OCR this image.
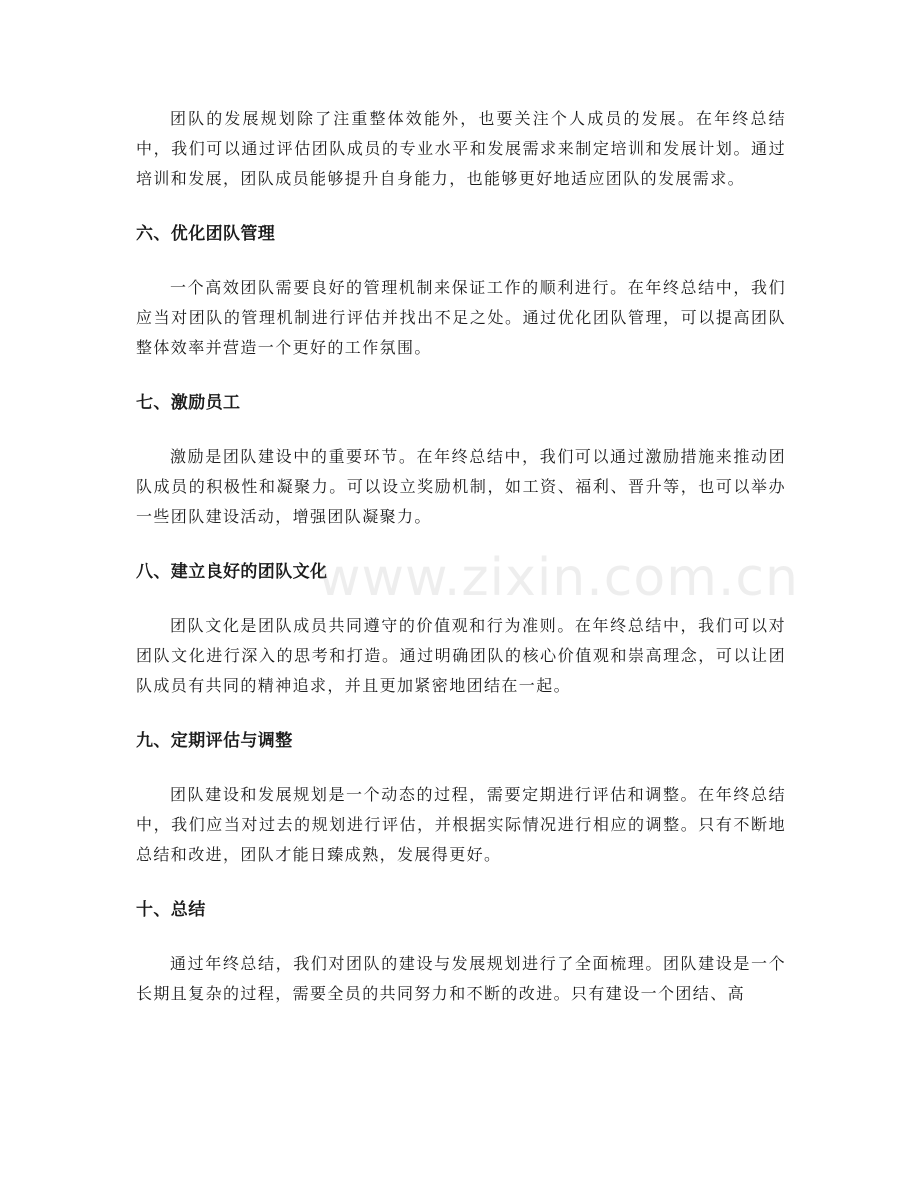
团队的发展规划除了注重整体效能外，也要关注个人成员的发展。在年终总结中，我们可以通过评估团队成员的专业水平和发展需求来制定培训和发展计划。通过培训和发展，团队成员能够提升自身能力，也能够更好地适应团队的发展需求。

六、优化团队管理

一个高效团队需要良好的管理机制来保证工作的顺利进行。在年终总结中，我们应当对团队的管理机制进行评估并找出不足之处。通过优化团队管理，可以提高团队整体效率并营造一个更好的工作氛围。

七、激励员工

激励是团队建设中的重要环节。在年终总结中，我们可以通过激励措施来推动团队成员的积极性和凝聚力。可以设立奖励机制，如工资、福利、晋升等，也可以举办一些团队建设活动，增强团队凝聚力。

八、建立良好的团队文化

团队文化是团队成员共同遵守的价值观和行为准则。在年终总结中，我们可以对团队文化进行深入的思考和打造。通过明确团队的核心价值观和崇高理念，可以让团队成员有共同的精神追求，并且更加紧密地团结在一起。

九、定期评估与调整

团队建设和发展规划是一个动态的过程，需要定期进行评估和调整。在年终总结中，我们应当对过去的规划进行评估，并根据实际情况进行相应的调整。只有不断地总结和改进，团队才能日臻成熟，发展得更好。

十、总结

通过年终总结，我们对团队的建设与发展规划进行了全面梳理。团队建设是一个长期且复杂的过程，需要全员的共同努力和不断的改进。只有建设一个团结、高

www.zixin.com.cn
